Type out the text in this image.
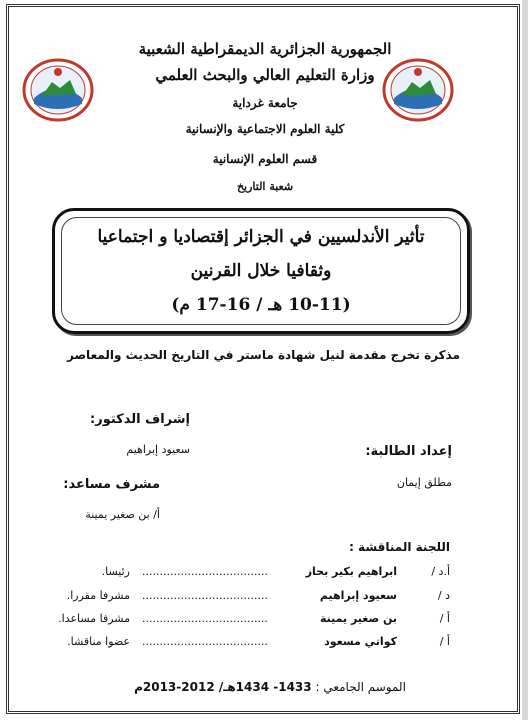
الجمهورية الجزائرية الديمقراطية الشعبية
وزارة التعليم العالي والبحث العلمي
جامعة غرداية
كلية العلوم الاجتماعية والإنسانية
قسم العلوم الإنسانية
شعبة التاريخ
تأثير الأندلسيين في الجزائر إقتصاديا و اجتماعيا
وثقافيا خلال القرنين
(10-11 هـ / 16-17 م)
مذكرة تخرج مقدمة لنيل شهادة ماستر في التاريخ الحديث والمعاصر
إشراف الدكتور:
سعيود إبراهيم
مشرف مساعد:
أ/ بن صغير يمينة
إعداد الطالبة:
مطلق إيمان
اللجنة المناقشة :
أ.د /
ابراهيم بكير بحاز
....................................
رئيسا.
د /
سعيود إبراهيم
....................................
مشرفا مقررا.
أ /
بن صغير يمينة
....................................
مشرفا مساعدا.
أ /
كواتي مسعود
....................................
عضوا مناقشا.
الموسم الجامعي : 1433- 1434هـ/ 2012-2013م
